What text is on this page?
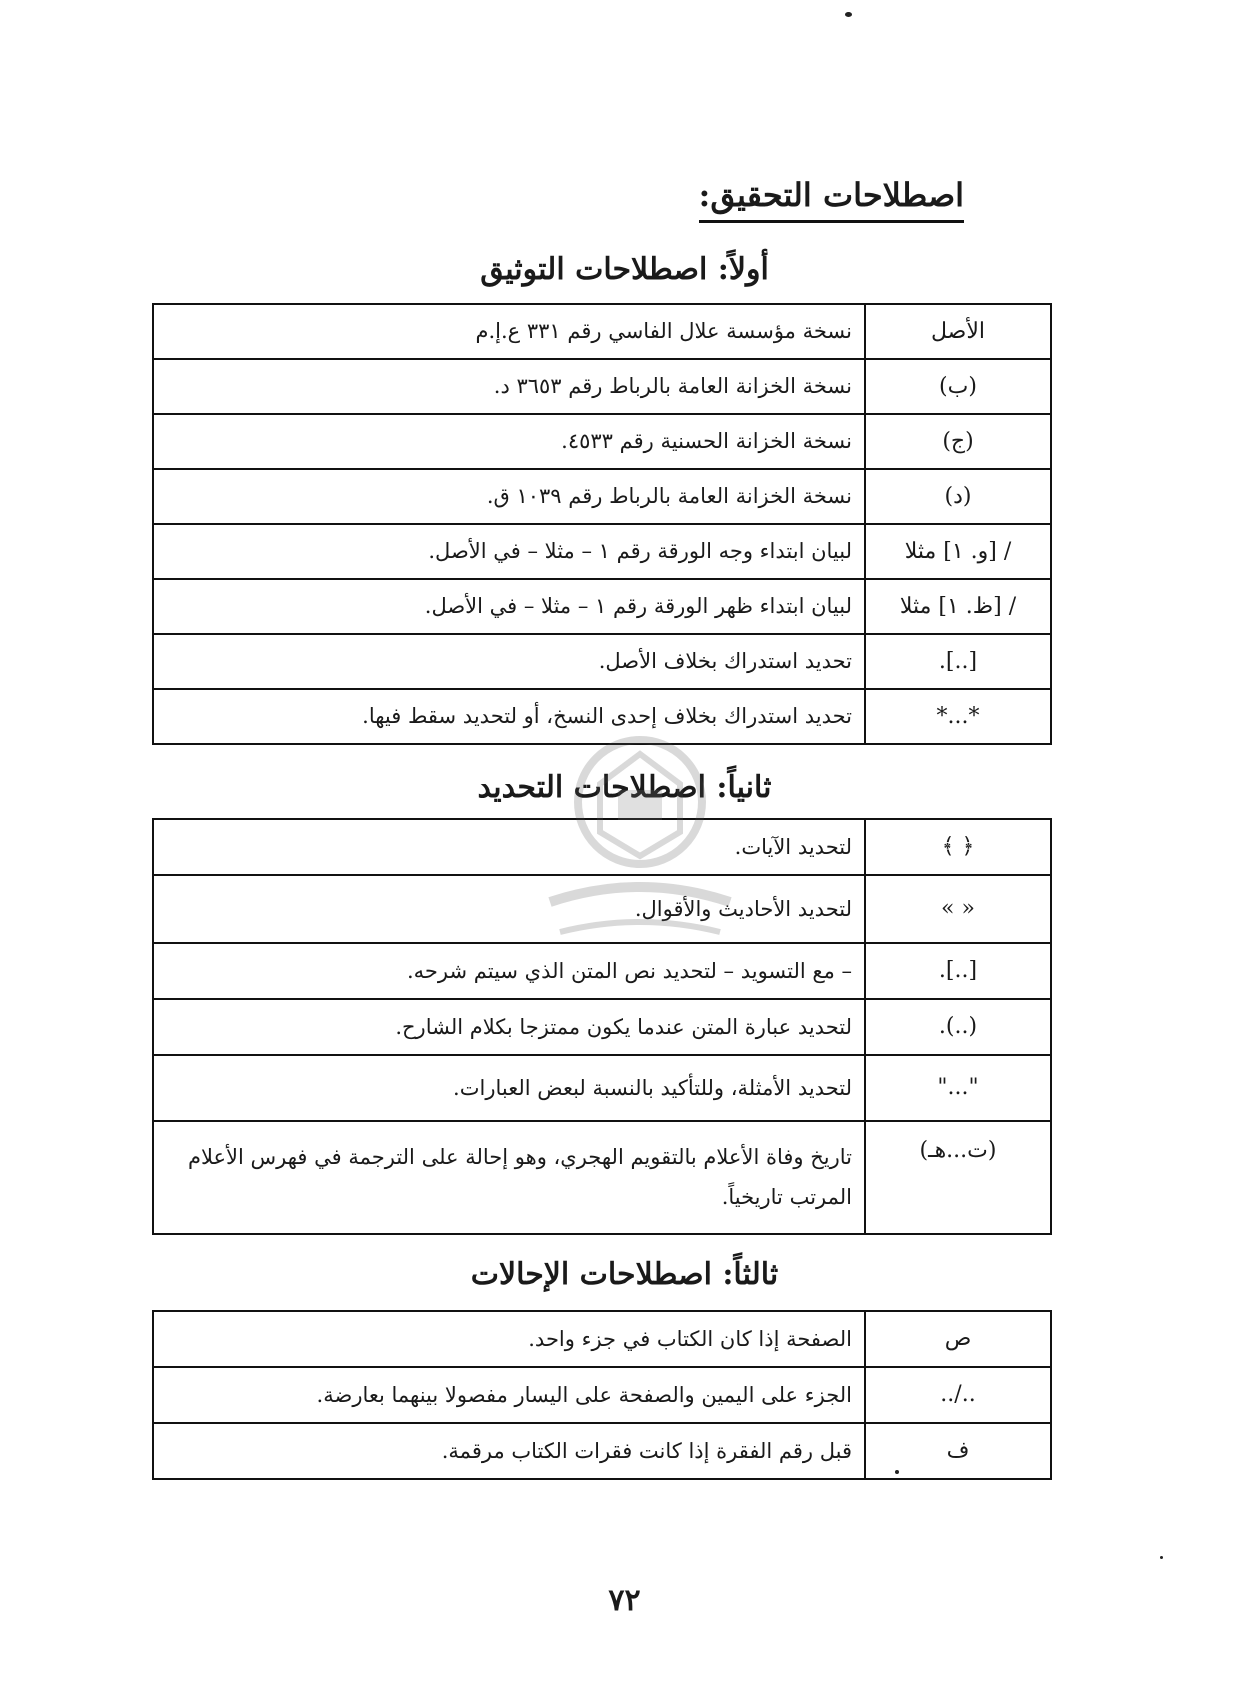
اصطلاحات التحقيق:
أولاً: اصطلاحات التوثيق
الأصل	نسخة مؤسسة علال الفاسي رقم ٣٣١ ع.إ.م
(ب)	نسخة الخزانة العامة بالرباط رقم ٣٦٥٣ د.
(ج)	نسخة الخزانة الحسنية رقم ٤٥٣٣.
(د)	نسخة الخزانة العامة بالرباط رقم ١٠٣٩ ق.
/ [و. ١] مثلا	لبيان ابتداء وجه الورقة رقم ١ – مثلا – في الأصل.
/ [ظ. ١] مثلا	لبيان ابتداء ظهر الورقة رقم ١ – مثلا – في الأصل.
[..].	تحديد استدراك بخلاف الأصل.
*...*	تحديد استدراك بخلاف إحدى النسخ، أو لتحديد سقط فيها.
ثانياً: اصطلاحات التحديد
﴿ ﴾	لتحديد الآيات.
« »	لتحديد الأحاديث والأقوال.
[..].	– مع التسويد – لتحديد نص المتن الذي سيتم شرحه.
(..).	لتحديد عبارة المتن عندما يكون ممتزجا بكلام الشارح.
"..."	لتحديد الأمثلة، وللتأكيد بالنسبة لبعض العبارات.
(ت...هـ)	تاريخ وفاة الأعلام بالتقويم الهجري، وهو إحالة على الترجمة في فهرس الأعلام المرتب تاريخياً.
ثالثاً: اصطلاحات الإحالات
ص	الصفحة إذا كان الكتاب في جزء واحد.
../..	الجزء على اليمين والصفحة على اليسار مفصولا بينهما بعارضة.
ف	قبل رقم الفقرة إذا كانت فقرات الكتاب مرقمة.
٧٢
